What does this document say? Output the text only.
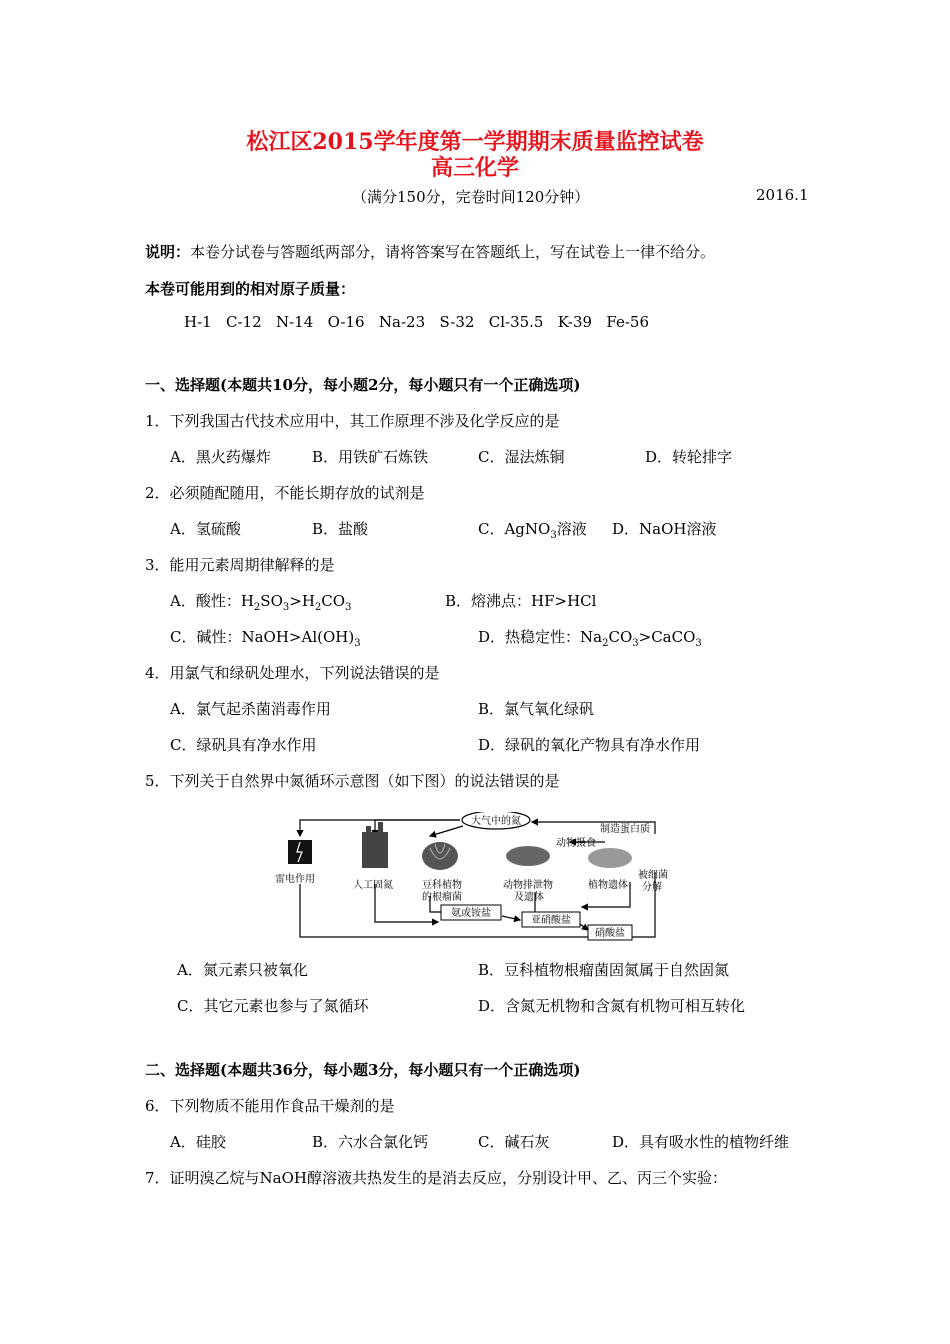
松江区2015学年度第一学期期末质量监控试卷
高三化学
（满分150分，完卷时间120分钟）	2016.1
说明：本卷分试卷与答题纸两部分，请将答案写在答题纸上，写在试卷上一律不给分。
本卷可能用到的相对原子质量：
H-1 C-12 N-14 O-16 Na-23 S-32 Cl-35.5 K-39 Fe-56
一、选择题(本题共10分，每小题2分，每小题只有一个正确选项)
1．下列我国古代技术应用中，其工作原理不涉及化学反应的是
A．黑火药爆炸	B．用铁矿石炼铁	C．湿法炼铜	D．转轮排字
2．必须随配随用，不能长期存放的试剂是
A．氢硫酸	B．盐酸	C．AgNO$_3$溶液 D．NaOH溶液
3．能用元素周期律解释的是
A．酸性：$H_2SO_3>H_2CO_3$	B．熔沸点：HF>HCl
C．碱性：$NaOH>Al(OH)_3$	D．热稳定性：$Na_2CO_3>CaCO_3$
4．用氯气和绿矾处理水，下列说法错误的是
A．氯气起杀菌消毒作用	B．氯气氧化绿矾
C．绿矾具有净水作用	D．绿矾的氧化产物具有净水作用
5．下列关于自然界中氮循环示意图（如下图）的说法错误的是
大气中的氮
制造蛋白质
动物摄食
雷电作用
人工固氮	豆科植物
的根瘤菌
动物排泄物
及遗体
植物遗体
被细菌
分解
氨或铵盐
亚硝酸盐
硝酸盐
A．氮元素只被氧化	B．豆科植物根瘤菌固氮属于自然固氮
C．其它元素也参与了氮循环	D．含氮无机物和含氮有机物可相互转化
二、选择题(本题共36分，每小题3分，每小题只有一个正确选项)
6．下列物质不能用作食品干燥剂的是
A．硅胶	B．六水合氯化钙	C．碱石灰	D．具有吸水性的植物纤维
7．证明溴乙烷与NaOH醇溶液共热发生的是消去反应，分别设计甲、乙、丙三个实验：
